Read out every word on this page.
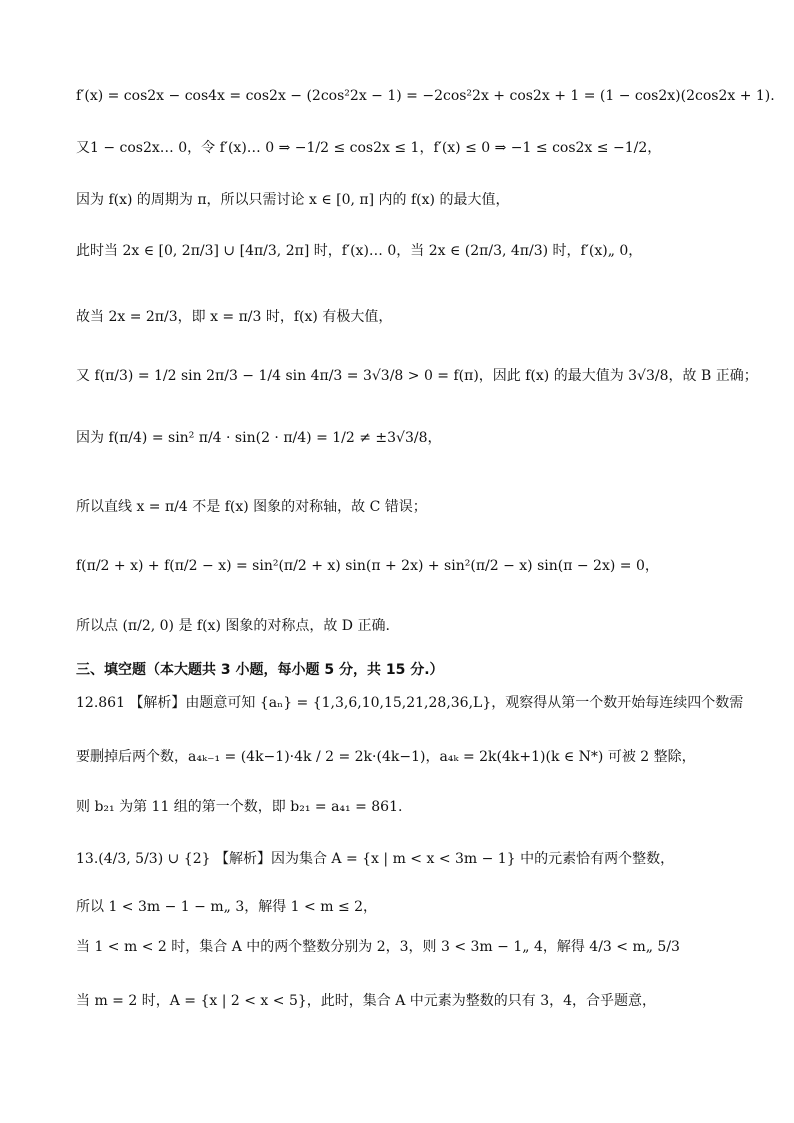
f′(x) = cos2x − cos4x = cos2x − (2cos²2x − 1) = −2cos²2x + cos2x + 1 = (1 − cos2x)(2cos2x + 1).
又1 − cos2x… 0，令 f′(x)… 0 ⇒ −1/2 ≤ cos2x ≤ 1，f′(x) ≤ 0 ⇒ −1 ≤ cos2x ≤ −1/2，
因为 f(x) 的周期为 π，所以只需讨论 x ∈ [0, π] 内的 f(x) 的最大值，
此时当 2x ∈ [0, 2π/3] ∪ [4π/3, 2π] 时，f′(x)… 0，当 2x ∈ (2π/3, 4π/3) 时，f′(x)„ 0，
故当 2x = 2π/3，即 x = π/3 时，f(x) 有极大值，
又 f(π/3) = 1/2 sin 2π/3 − 1/4 sin 4π/3 = 3√3/8 > 0 = f(π)，因此 f(x) 的最大值为 3√3/8，故 B 正确；
因为 f(π/4) = sin² π/4 · sin(2 · π/4) = 1/2 ≠ ±3√3/8，
所以直线 x = π/4 不是 f(x) 图象的对称轴，故 C 错误；
f(π/2 + x) + f(π/2 − x) = sin²(π/2 + x) sin(π + 2x) + sin²(π/2 − x) sin(π − 2x) = 0，
所以点 (π/2, 0) 是 f(x) 图象的对称点，故 D 正确.
三、填空题（本大题共 3 小题，每小题 5 分，共 15 分.）
12.861 【解析】由题意可知 {aₙ} = {1,3,6,10,15,21,28,36,L}，观察得从第一个数开始每连续四个数需
要删掉后两个数，a₄ₖ₋₁ = (4k−1)·4k / 2 = 2k·(4k−1)，a₄ₖ = 2k(4k+1)(k ∈ N*) 可被 2 整除，
则 b₂₁ 为第 11 组的第一个数，即 b₂₁ = a₄₁ = 861.
13.(4/3, 5/3) ∪ {2} 【解析】因为集合 A = {x | m < x < 3m − 1} 中的元素恰有两个整数，
所以 1 < 3m − 1 − m„ 3，解得 1 < m ≤ 2，
当 1 < m < 2 时，集合 A 中的两个整数分别为 2，3，则 3 < 3m − 1„ 4，解得 4/3 < m„ 5/3
当 m = 2 时，A = {x | 2 < x < 5}，此时，集合 A 中元素为整数的只有 3，4，合乎题意，
